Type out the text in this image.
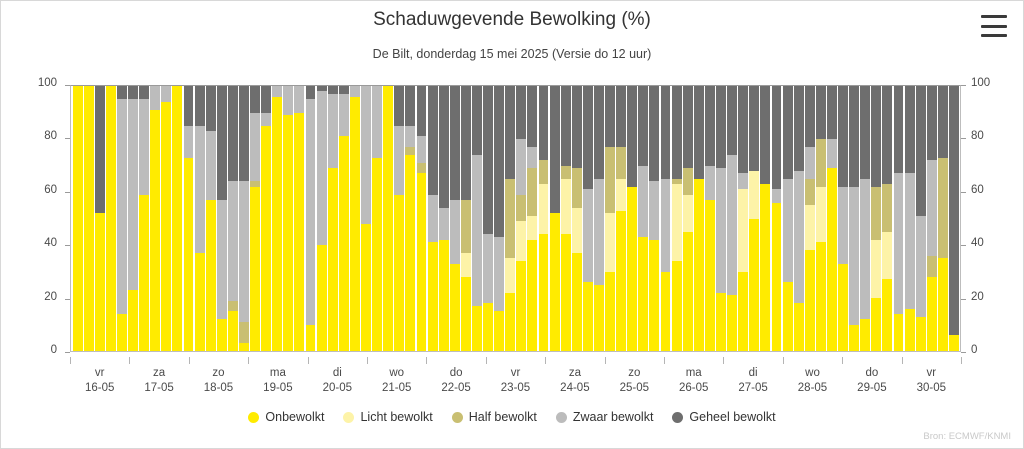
Schaduwgevende Bewolking (%)
De Bilt, donderdag 15 mei 2025 (Versie do 12 uur)
vr
16-05
za
17-05
zo
18-05
ma
19-05
di
20-05
wo
21-05
do
22-05
vr
23-05
za
24-05
zo
25-05
ma
26-05
di
27-05
wo
28-05
do
29-05
vr
30-05
Onbewolkt	Licht bewolkt	Half bewolkt	Zwaar bewolkt	Geheel bewolkt
Bron: ECMWF/KNMI
0	0
20	20
40	40
60	60
80	80
100	100
